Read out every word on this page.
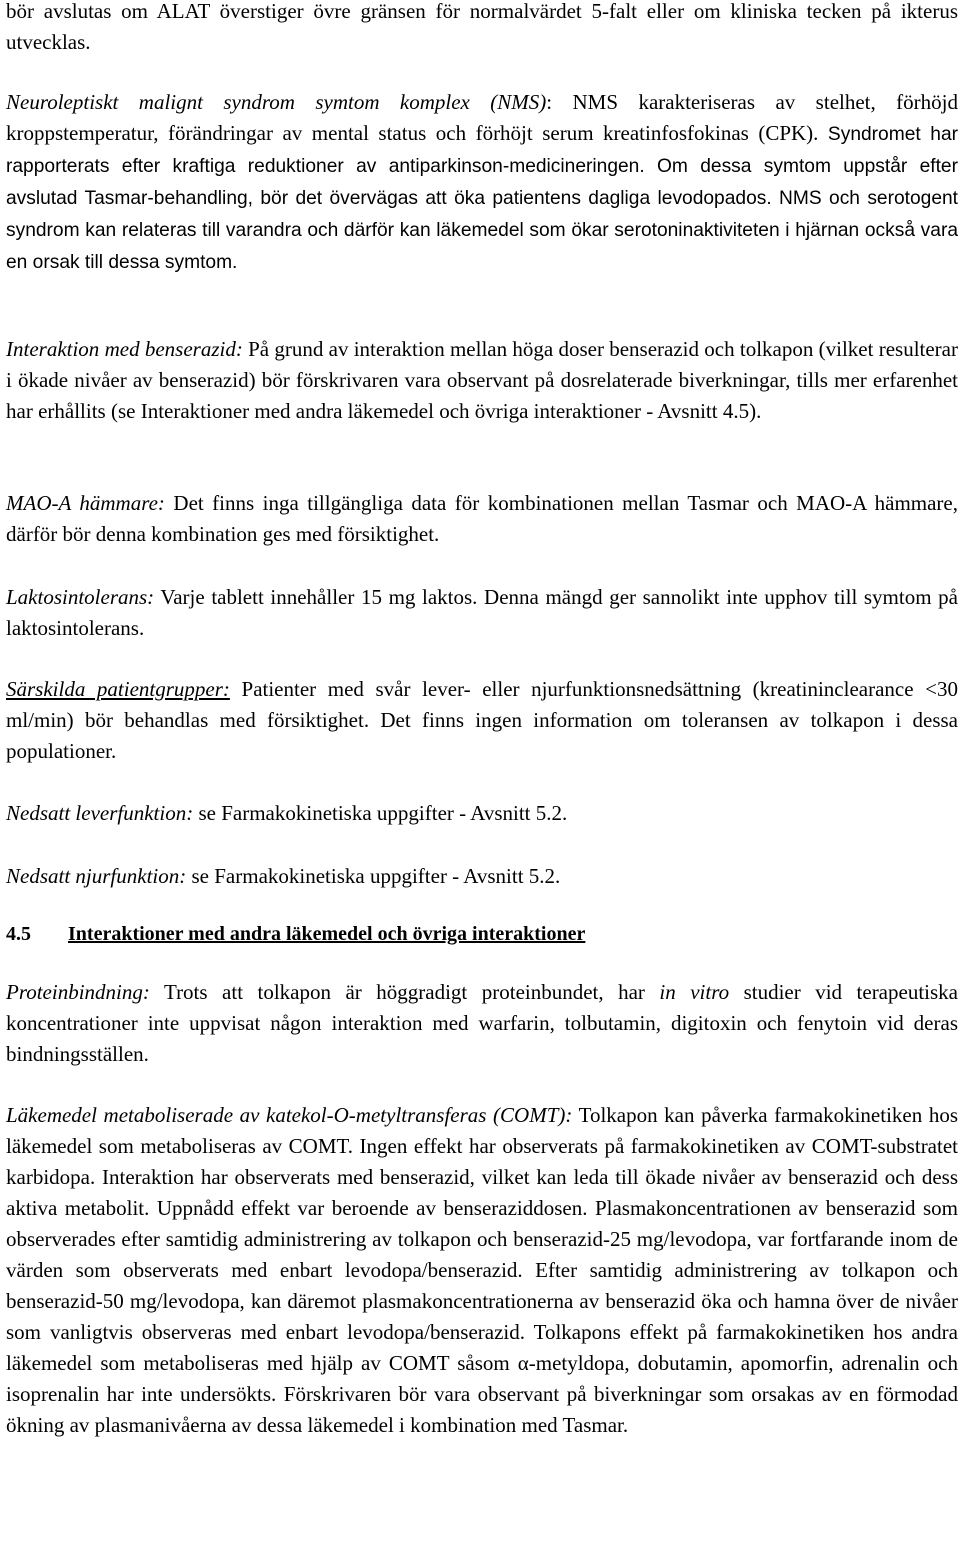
bör avslutas om ALAT överstiger övre gränsen för normalvärdet 5-falt eller om kliniska tecken på ikterus utvecklas.

Neuroleptiskt malignt syndrom symtom komplex (NMS): NMS karakteriseras av stelhet, förhöjd kroppstemperatur, förändringar av mental status och förhöjt serum kreatinfosfokinas (CPK). Syndromet har rapporterats efter kraftiga reduktioner av antiparkinson-medicineringen. Om dessa symtom uppstår efter avslutad Tasmar-behandling, bör det övervägas att öka patientens dagliga levodopados. NMS och serotogent syndrom kan relateras till varandra och därför kan läkemedel som ökar serotoninaktiviteten i hjärnan också vara en orsak till dessa symtom.

Interaktion med benserazid: På grund av interaktion mellan höga doser benserazid och tolkapon (vilket resulterar i ökade nivåer av benserazid) bör förskrivaren vara observant på dosrelaterade biverkningar, tills mer erfarenhet har erhållits (se Interaktioner med andra läkemedel och övriga interaktioner - Avsnitt 4.5).

MAO-A hämmare: Det finns inga tillgängliga data för kombinationen mellan Tasmar och MAO-A hämmare, därför bör denna kombination ges med försiktighet.

Laktosintolerans: Varje tablett innehåller 15 mg laktos. Denna mängd ger sannolikt inte upphov till symtom på laktosintolerans.

Särskilda patientgrupper: Patienter med svår lever- eller njurfunktionsnedsättning (kreatininclearance <30 ml/min) bör behandlas med försiktighet. Det finns ingen information om toleransen av tolkapon i dessa populationer.

Nedsatt leverfunktion: se Farmakokinetiska uppgifter - Avsnitt 5.2.

Nedsatt njurfunktion: se Farmakokinetiska uppgifter - Avsnitt 5.2.

4.5 Interaktioner med andra läkemedel och övriga interaktioner

Proteinbindning: Trots att tolkapon är höggradigt proteinbundet, har in vitro studier vid terapeutiska koncentrationer inte uppvisat någon interaktion med warfarin, tolbutamin, digitoxin och fenytoin vid deras bindningsställen.

Läkemedel metaboliserade av katekol-O-metyltransferas (COMT): Tolkapon kan påverka farmakokinetiken hos läkemedel som metaboliseras av COMT. Ingen effekt har observerats på farmakokinetiken av COMT-substratet karbidopa. Interaktion har observerats med benserazid, vilket kan leda till ökade nivåer av benserazid och dess aktiva metabolit. Uppnådd effekt var beroende av benseraziddosen. Plasmakoncentrationen av benserazid som observerades efter samtidig administrering av tolkapon och benserazid-25 mg/levodopa, var fortfarande inom de värden som observerats med enbart levodopa/benserazid. Efter samtidig administrering av tolkapon och benserazid-50 mg/levodopa, kan däremot plasmakoncentrationerna av benserazid öka och hamna över de nivåer som vanligtvis observeras med enbart levodopa/benserazid. Tolkapons effekt på farmakokinetiken hos andra läkemedel som metaboliseras med hjälp av COMT såsom α-metyldopa, dobutamin, apomorfin, adrenalin och isoprenalin har inte undersökts. Förskrivaren bör vara observant på biverkningar som orsakas av en förmodad ökning av plasmanivåerna av dessa läkemedel i kombination med Tasmar.
